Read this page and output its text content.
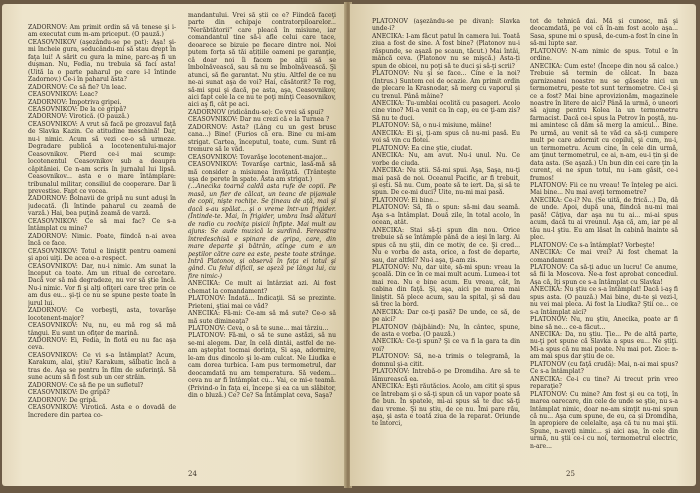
ZADORNOV: Am primit ordin să vă tenese şi i-am executat cum m-am priceput. (O pauză.)

CEASOVNIKOV (aşezându-se pe pat): Aşa! şi-mi încheie gura, seducându-mi să stau drept în faţa lui! A sărit cu gura la mine, parc-aş fi un duşman. Nu, Fedia, nu trebuia să faci asta! (Uită la o parte paharul pe care i-l întinde Zadornov.) Ce-i în paharul ăsta?

ZADORNOV: Ce să fie? Un leac.

CEASOVNIKOV: Leac?

ZADORNOV: Împotriva gripei.

CEASOVNIKOV: De la ce gripă?

ZADORNOV: Virotică. (O pauză.)

CEASOVNIKOV: A vrut să facă pe grozavul faţă de Slavka Kazin. Ce atitudine meschină! Dar, nu-i nimic. Acum să vezi ce-o să urmeze. Degradare publică a locotenentului-major Ceasovnikov. Pierd ce-i mai scump: locotenentul Ceasovnikov sub a deaupra căpităniei. Ce n-am scris în jurnalul lui lipsă. Ceasovnikov... asta e o mare întâmplare: tribunalul militar, consiliul de cooperare. Dar îi prevestise. Fapt ce vocea.

ZADORNOV: Bolnavii de gripă nu sunt aduşi în judecată. (Îi întinde paharul cu zeamă de varză.) Hai, bea puţină zeamă de varză.

CEASOVNIKOV: Ce să mai fac? Ce s-a întâmplat cu mine?

ZADORNOV: Nimic. Poate, fiindcă n-ai avea încă ce face.

CEASOVNIKOV: Totul e liniştit pentru oameni şi apoi uiţi. De acea e-a respect.

CEASOVNIKOV: Dar, nu-i nimic. Am sunat la început ca toate. Am un ritual de cercetare. Dacă vor să mă degradeze, nu vor să ştie încă. Nu-i nimic. Vor fi şi alţi ofiţeri care trec prin ce am dus eu... şi-ţi ce nu se spune peste toate în jurul lui.

ZADORNOV: Ce vorbeşti, asta, tovarăşe locotenent-major?

CEASOVNIKOV: Nu, nu, eu mă rog să mă tângui. Eu sunt un ofiţer de marină.

ZADORNOV: Ei, Fedia, în flotă eu nu fac aşa ceva.

CEASOVNIKOV: Ce vi s-a întâmplat? Acum, Karakum, alai, ştiu? Karakum, sălbatic încă a tras de. Aşa se pentru în film de suferinţă. Să sune acum să fi fost sub un cer străin.

ZADORNOV: Ce să fie pe un sufletul?

CEASOVNIKOV: De gripă?

ZADORNOV: De gripă.

CEASOVNIKOV: Virotică. Asta e o dovadă de încredere din partea co-

mandantului. Vrei să știi ce e? Fiindcă faceţi parte din echipaje contratorpiloarelor... "Nerăbtătorii" care pleacă în misiune, iar comandantul tine să-i afle celui care tace, deoarece se bizuie pe fiecare dintre noi. Noi putem forța să tăi ațițiile oameni pe garanţie, că doar noi îi facem pe alţii să se îmbolnăvească, sau să nu se îmbolnăvească. Şi atunci, să fie garantat. Nu ştiu. Altfel de ce nu ne-ai sunat aşa de voi? Hai, căsătorit? Te rog, să-mi spui şi dacă, pe asta, aşa, Ceasovnikov, aici fapt cele la ce nu te poţi minţi Ceasovnikov, aici aş fi, cât pe aci.

ZADORNOV (ridicându-se): Ce vrei să spui?

CEASOVNIKOV: Dar nu crezi că e la Turnea ?

ZADORNOV: Asta? (Lâng cu un gest brusc cana...) Bine! (Furios că era. Bine cu mi-am strigat. Cartea, începutul, toate, cum. Sunt ră tremure să le văd.

CEASOVNIKOV: Tovarăşe locotenent-major...

CEASOVNIKOV: Tovarăşe cartnic, lasă-mă să mă consider a misiunea învăţată. (Trântește uşa de perete în spate. Ăsta am strigat.)

(...Anecika toarnă caldă asta rufe de copii. Pe masă, un fier de călcat, un teanc de pijamale de copii, nişte rochiţe. Se ţineau de aţă, mai şi dacă s-au spălat... şi o vreme într-un frigider. (Întinde-te. Mai, în frigider, umbra însă alături de radio cu rochiţa pisicii înfipte. Mai mult au ajuns: Se aude muzică la surdină. Fereastra întredeschisă e spinare de gripa, care, din mare departe şi bătrân, atinge cum e un peştilor către care ea este, peste toate strânge. Intră Platonov, și observă în faţa ei totul şi gând. Cu felul dificil, se aşeză pe lânga lui, cu fire nimic-)

ANECIKA: Ce mult ai întârziat azi. Ai fost chemat la comandament?

PLATONOV: Îndată... Indicaţii. Să se prezinte. Prieteni, ştiai mai ce văd?

ANECIKA: Fă-mi: Ce-am să mă sute? Ce-o să mă sute dimineaţa?

PLATONOV: Ceva, o să te sune... mai târziu...

PLATONOV: Fă-mi, o să te sune astăzi, să nu se-mi alegem. Dar, în celă dintâi, astfel de ne-am aşteptat tocmai dorinţa, Si aşa, adormire, le-am dus dincolo şi le-am culcat. Ne Liudka e cam dorea turbica. I-am pus termometrul, dar deocamdată nu am temperatura. Să vedem... ceva nu ar fi întâmplat cu... Vai, ce mi-e teamă. (Privind-o în faţa ei, începe şi ea ca un slăbitor, din o bluză.) Ce? Ce? Sa întâmplat ceva, Saşa?

24

PLATONOV (aşezându-se pe divan): Slavka unde-i?

ANECIKA: I-am făcut patul în camera lui. Toată ziua a fost de sine. A fost bine? (Platonov nu-i răspunde, se aşază pe scaun, tăcut.) Mai întâi, mâncă ceva. (Platonov nu se mişcă.) Asta-ți spun de obicei, nu poţi să te duci şi să-ţi scrii?

PLATONOV: Nu şi se face... Cine e la noi? (Intrus.) Suntem cei de ocazie. Am primit ordin de plecare la Krasnodar, să merg cu vaporul și cu trenul. Până mâine?

ANECIKA: Tu-umblai ocolită cu pasageri. Acolo cine vino? Mi-a venit ca în cap, eu ce ţi-am zis? Să nu te duci.

PLATONOV: Să, o nu-i misiune, mâine!

ANECIKA: Ei şi, ţi-am spus că nu-mi pasă. Eu voi să vin cu flotei.

PLATONOV: Ea cine ştie, ciudat.

ANECIKA: Nu, am avut. Nu-i unul. Nu. Ce vorbe de ciuda.

ANECIKA: Nu știi. Să-mi spui. Aşa, Saşa, nu-ţi mai pasă de noi. Oceanul Pacific, ar fi trebuit, şi ești. Să nu. Cum, poate să te iert. Da, și să te spun. De ce-mi duci? Uite, nu-mi mai pasă.

PLATONOV: Ei bine...

PLATONOV: Să, fă o spun: să-mi dau seamă. Aşa s-a întâmplat. Două zile, în total acolo, în ocean, atât.

ANECIKA: Stai să-ţi spun din nou. Orice trebuie să se întâmple până de a ieşi în larg. Ai spus că nu ştii, din ce motiv, de ce. Şi cred... Nu e vorba de asta, orice, a fost de departe, sau, dar altfel? Nu-i aşa, ţi-am zis.

PLATONOV: Nu, dar uite, să-mi spun: vreau la şcoală. Din ce în ce mai mult acum. Lumea-i tot mai rea. Nu e bine acum. Eu vreau, cât, în cabina din faţă. Şi, aşa, aici pe marea mai liniştit. Să plece acum, sau la spital, şi să dau să trec la bord.

ANECIKA: Dar ce-ţi pasă? De unde, ce să, de pe aici?

PLATONOV (bâjbâind): Nu, în cântec, spune, de asta e vorba. (O pauză.)

ANECIKA: Ce-ţi spun? Şi ce va fi la gara ta din voi?

PLATONOV: Să, ne-a trimis o telegramă, la domnul şi-a citit.

PLATONOV: Intrebă-o pe Dromdiha. Are să te lămurească ea.

ANECIKA: Eşti răutăcios. Acolo, am citit şi spus ce întrebam şi o să-ţi spun că un vapor poate să fie bun. În spatele, mi-ai spus să te duc să-ţi dau vreme. Şi nu știu, de ce nu. Îmi pare rău, aşa, şi asta e toată ziua de la reparat. Oriunde te întorci,

tot de tehnică dai. Mă și cunosc, mă şi deocamdată, pe voi că în-am fost acolo aşa... Sasa, spune mi o spusă, de-cum-a fost în cine în să-mi lupte sar.

PLATONOV: N-am nimic de spus. Totul e în ordine.

ANECIKA: Cum este! (Începe din nou să calce.) Trebuie să termin de călcat. În baza garnizoanei noastre nu se găseşte nici un termometru, peste tot sunt termometre. Ce-i şi ce a fost? Mai bine aprovizionăm, magazinele noastre în litere de aici? Până la urmă, o uneori să ajung pentru Kolea la un termometru farmacist. Dacă ce-i spus la Petrov în poştă, nu-mi amintesc că dăm să merg la amicul... Bine. Pe urmă, au venit să te văd ca să-ţi cumpere mult pe care adormit cu copilul, şi cum, nu-i, un termometru. Acum cine, în cele din urmă, am ţinut termometrul, ce ai, n-am, eu-i țin şi de data asta. (Se aşază.) Un bun din cei care ţin la curent, ei ne spun totul, nu i-am găsit, ce-i frumos!

PLATONOV: Fii ce nu vreau! Te înțeleg pe aici. Mai bine... Nu mai aveţi termometre?

ANECIKA: Ce-i? Nu. (Se uită, de frică...) Da, dă de unde. Apoi, după una, fiindcă nu-mi mai pasă! Câţiva, dar aşa nu tu ai... mi-ai spus acum, dacă tu ai vreunul. Aşa că, am, iar pe al tău nu-l ştiu. Eu am lăsat în cabină înainte să plec.

PLATONOV: Ce s-a întâmplat? Vorbeşte!

ANECIKA: Ce mai vrei? Ai fost chemat la comandament

PLATONOV: Ca să-ţi aduc un lucru! Ce anume, să fii la Moscova. Ne-a fost aprobat concediul. Aşa că, îţi spun ce s-a întâmplat cu Slavka!

ANECIKA: Nu ştiu ce s-a întâmplat! Dacă i-aş fi spus asta. (O pauză.) Mai bine, du-te şi vezi-l, nu vei mai pleca. Ai fost la Liudka? Ştii ce... ce s-a întâmplat aici?

PLATONOV: Nu, nu ştiu, Anecika, poate ar fi bine să ne... ce-a făcut...

ANECIKA: Da, nu ştiu. Ţie... Pe de altă parte, nu-ţi pot spune că Slavka a spus eu... Ne ştiţi. Mi-a spus că nu mai poate. Nu mai pot. Zice: n-am mai spus dar ştiu de ce.

PLATONOV (cu faţă crudă): Mai, n-ai mai spus? Ce s-a întâmplat?

ANECIKA: Ce-i cu tine? Ai trecut prin vreo reparaţie?

PLATONOV: Cu mine? Am fost şi eu ca toţi, în marea oarecare, din cele de unde se ştie, nu s-a întâmplat nimic, doar ne-am simţit nu-mi spun că nu... Aşa cum spune, de eu, ca și Dromdiha, în apropiere de celelalte, aşa că tu nu mai ştii. Spune, n-aveţi nimic... şi aici așa, în cele din urmă, nu ştii ce-i cu noi, termometrul electric, n-are...

25
